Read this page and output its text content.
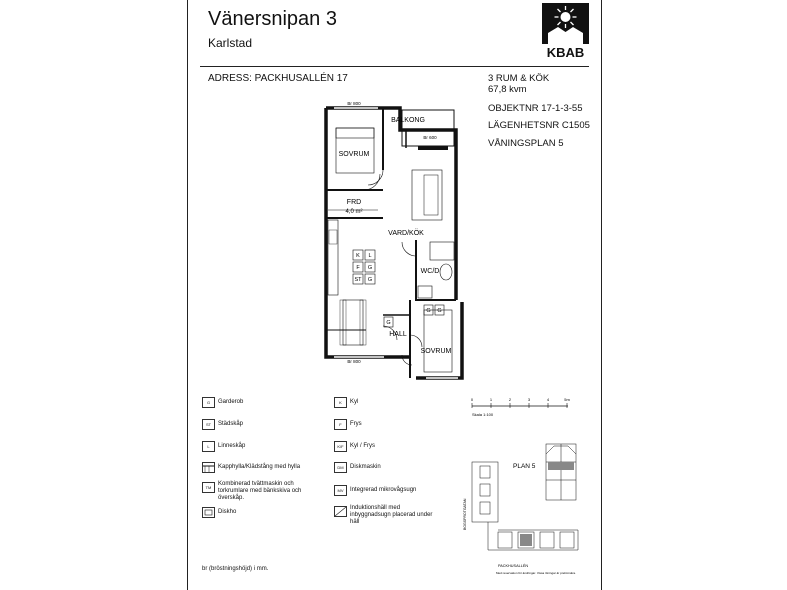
Vänersnipan 3
Karlstad
KBAB
ADRESS: PACKHUSALLÉN 17	3 RUM & KÖK
67,8 kvm
OBJEKTNR 17-1-3-55
LÄGENHETSNR C1505
VÅNINGSPLAN 5
K L
F G
ST G
G
G G
BALKONG
SOVRUM
FRD
4,0 m²
VARD/KÖK
WC/D
HALL
SOVRUM
Br 800
Br 600
Br 800
G	Garderob
ST	Städskåp
L	Linneskåp
Kapphylla/Klädstång med hylla
TM
Kombinerad tvättmaskin och torkrumlare med bänkskiva och överskåp.
Diskho
K	Kyl
F	Frys
K/F	Kyl / Frys
DM	Diskmaskin
MV	Integrerad mikrovågsugn
Induktionshäll med inbyggnadsugn placerad under häll
0	1	2	3	4	5m
Skala 1:100
PLAN 5
PACKHUSALLÉN
BOGSPROTGATAN
Med reservation för ändringar. Vissa ritningar är preliminära.
br (bröstningshöjd) i mm.
